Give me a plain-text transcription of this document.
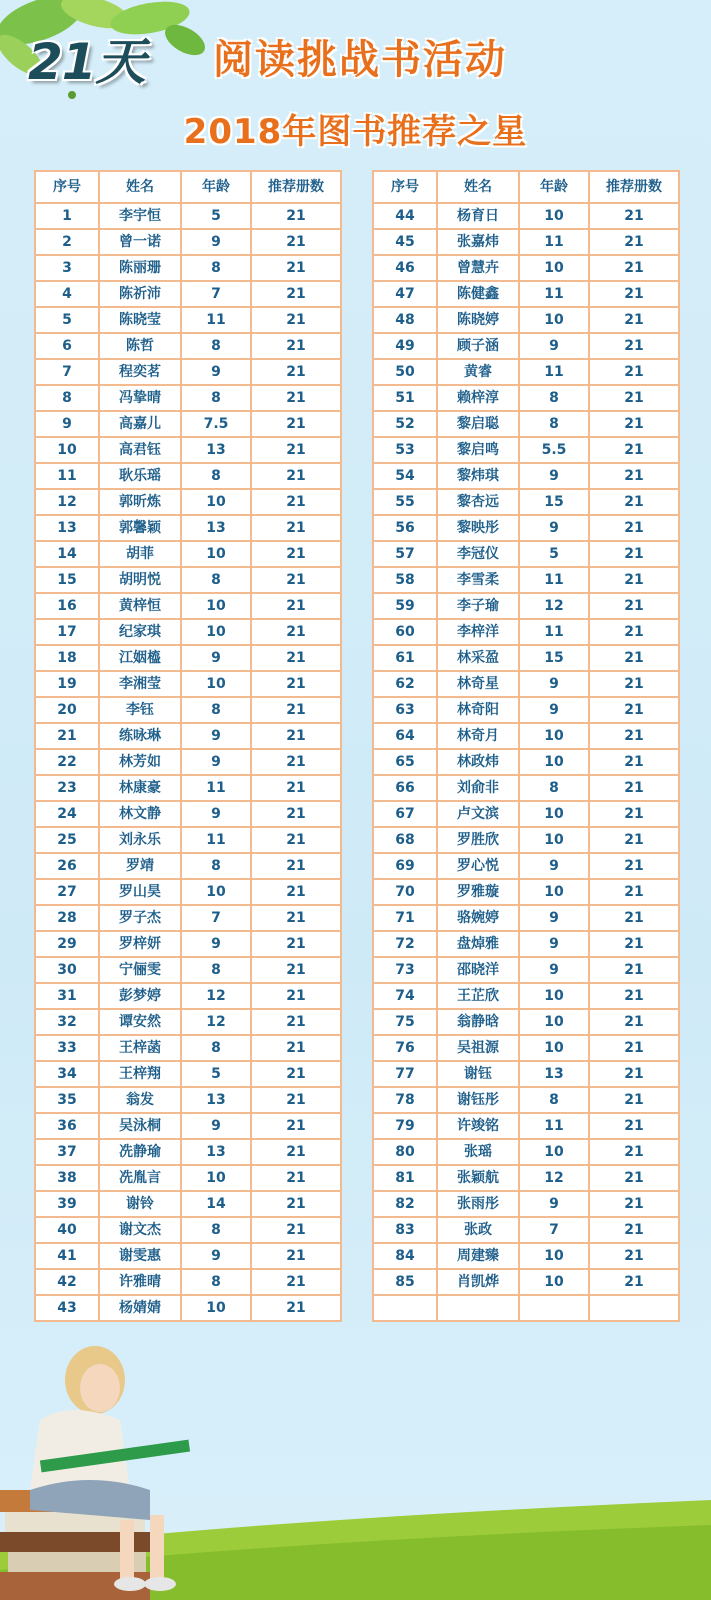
21天 阅读挑战书活动
2018年图书推荐之星
序号	姓名	年龄	推荐册数
1	李宇恒	5	21
2	曾一诺	9	21
3	陈丽珊	8	21
4	陈祈沛	7	21
5	陈晓莹	11	21
6	陈哲	8	21
7	程奕茗	9	21
8	冯挚晴	8	21
9	高嘉儿	7.5	21
10	高君钰	13	21
11	耿乐瑶	8	21
12	郭昕炼	10	21
13	郭馨颖	13	21
14	胡菲	10	21
15	胡明悦	8	21
16	黄梓恒	10	21
17	纪家琪	10	21
18	江姻橀	9	21
19	李湘莹	10	21
20	李钰	8	21
21	练咏琳	9	21
22	林芳如	9	21
23	林康豪	11	21
24	林文静	9	21
25	刘永乐	11	21
26	罗靖	8	21
27	罗山昊	10	21
28	罗子杰	7	21
29	罗梓妍	9	21
30	宁俪雯	8	21
31	彭梦婷	12	21
32	谭安然	12	21
33	王梓菡	8	21
34	王梓翔	5	21
35	翁发	13	21
36	吴泳桐	9	21
37	冼静瑜	13	21
38	冼胤言	10	21
39	谢铃	14	21
40	谢文杰	8	21
41	谢雯惠	9	21
42	许雅晴	8	21
43	杨婧婧	10	21
序号	姓名	年龄	推荐册数
44	杨育日	10	21
45	张嘉炜	11	21
46	曾慧卉	10	21
47	陈健鑫	11	21
48	陈晓婷	10	21
49	顾子涵	9	21
50	黄睿	11	21
51	赖梓淳	8	21
52	黎启聪	8	21
53	黎启鸣	5.5	21
54	黎炜琪	9	21
55	黎杏远	15	21
56	黎映彤	9	21
57	李冠仪	5	21
58	李雪柔	11	21
59	李子瑜	12	21
60	李梓洋	11	21
61	林采盈	15	21
62	林奇星	9	21
63	林奇阳	9	21
64	林奇月	10	21
65	林政炜	10	21
66	刘俞非	8	21
67	卢文滨	10	21
68	罗胜欣	10	21
69	罗心悦	9	21
70	罗雅璇	10	21
71	骆婉婷	9	21
72	盘焯雅	9	21
73	邵晓洋	9	21
74	王芷欣	10	21
75	翁静晗	10	21
76	吴祖源	10	21
77	谢钰	13	21
78	谢钰彤	8	21
79	许竣铭	11	21
80	张瑶	10	21
81	张颖航	12	21
82	张雨彤	9	21
83	张政	7	21
84	周建臻	10	21
85	肖凯烨	10	21
